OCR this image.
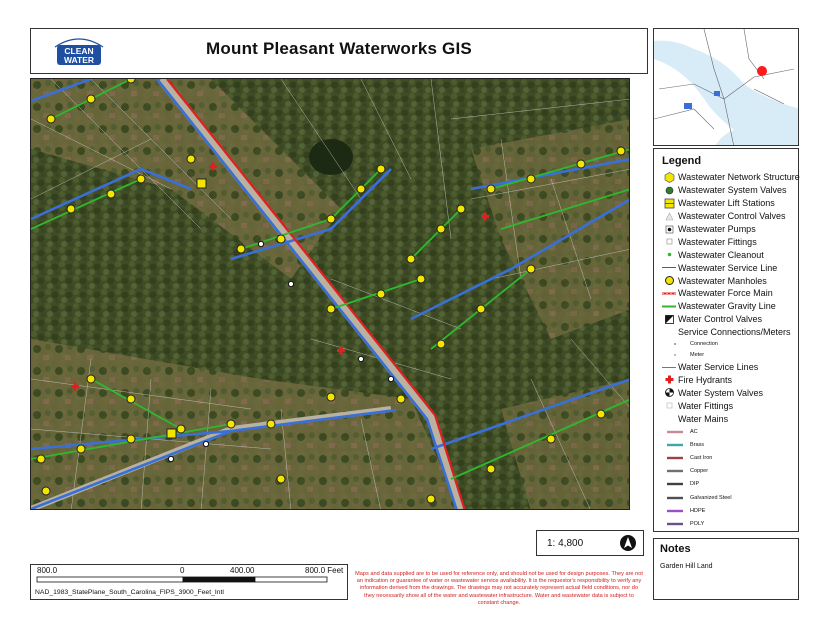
CLEAN
WATER
Mount Pleasant Waterworks GIS
Legend
Wastewater Network Structure
Wastewater System Valves
Wastewater Lift Stations
Wastewater Control Valves
Wastewater Pumps
Wastewater Fittings
Wastewater Cleanout
Wastewater Service Line
Wastewater Manholes
Wastewater Force Main
Wastewater Gravity Line
Water Control Valves
Service Connections/Meters
Connection
Meter
Water Service Lines
Fire Hydrants
Water System Valves
Water Fittings
Water Mains
AC
Brass
Cast Iron
Copper
DIP
Galvanized Steel
HDPE
POLY
1: 4,800	Notes
Garden Hill Land
800.0	0	400.00	800.0 Feet
NAD_1983_StatePlane_South_Carolina_FIPS_3900_Feet_Intl
Maps and data supplied are to be used for reference only, and should not be used for design purposes. They are not an indication or guarantee of water or wastewater service availability. It is the requestor's responsibility to verify any information derived from the drawings. The drawings may not accurately represent actual field conditions, nor do they necessarily show all of the water and wastewater infrastructure. Water and wastewater data is subject to constant change.
